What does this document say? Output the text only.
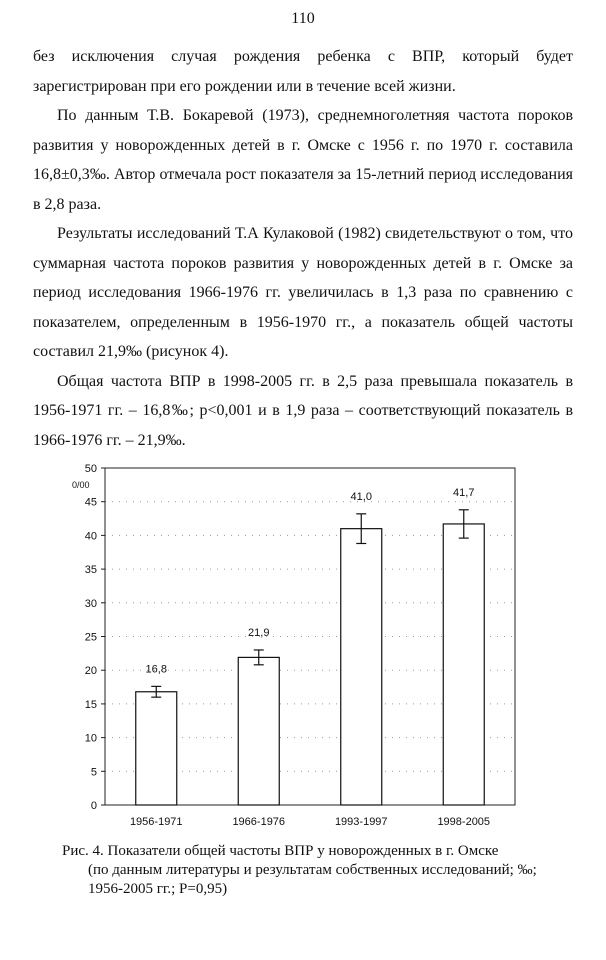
110

без исключения случая рождения ребенка с ВПР, который будет зарегистрирован при его рождении или в течение всей жизни.

По данным Т.В. Бокаревой (1973), среднемноголетняя частота пороков развития у новорожденных детей в г. Омске с 1956 г. по 1970 г. составила 16,8±0,3‰. Автор отмечала рост показателя за 15-летний период исследования в 2,8 раза.

Результаты исследований Т.А Кулаковой (1982) свидетельствуют о том, что суммарная частота пороков развития у новорожденных детей в г. Омске за период исследования 1966-1976 гг. увеличилась в 1,3 раза по сравнению с показателем, определенным в 1956-1970 гг., а показатель общей частоты составил 21,9‰ (рисунок 4).

Общая частота ВПР в 1998-2005 гг. в 2,5 раза превышала показатель в 1956-1971 гг. – 16,8‰; p<0,001 и в 1,9 раза – соответствующий показатель в 1966-1976 гг. – 21,9‰.

0
5
10
15
20
25
30
35
40
45
50
0/00
16,8
1956-1971
21,9
1966-1976
41,0
1993-1997
41,7
1998-2005
Рис. 4. Показатели общей частоты ВПР у новорожденных в г. Омске
(по данным литературы и результатам собственных исследований; ‰;
1956-2005 гг.; P=0,95)
